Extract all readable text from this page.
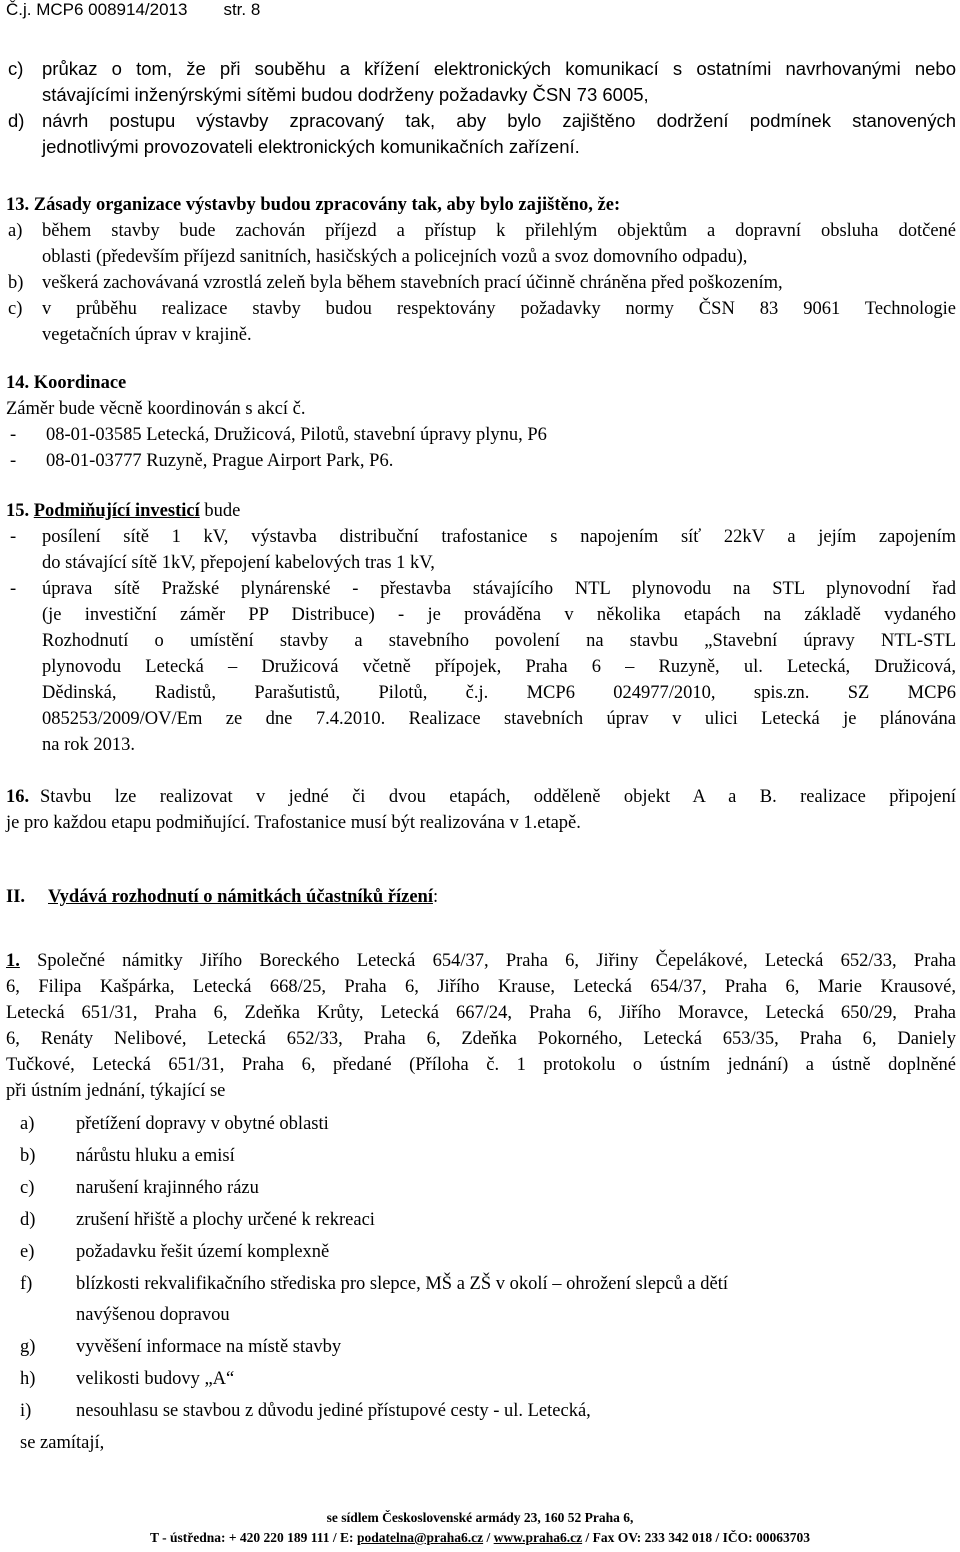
Č.j. MCP6 008914/2013 str. 8
c) průkaz o tom, že při souběhu a křížení elektronických komunikací s ostatními navrhovanými nebo
stávajícími inženýrskými sítěmi budou dodrženy požadavky ČSN 73 6005,
d) návrh postupu výstavby zpracovaný tak, aby bylo zajištěno dodržení podmínek stanovených
jednotlivými provozovateli elektronických komunikačních zařízení.
13. Zásady organizace výstavby budou zpracovány tak, aby bylo zajištěno, že:
a) během stavby bude zachován příjezd a přístup k přilehlým objektům a dopravní obsluha dotčené
oblasti (především příjezd sanitních, hasičských a policejních vozů a svoz domovního odpadu),
b) veškerá zachovávaná vzrostlá zeleň byla během stavebních prací účinně chráněna před poškozením,
c) v průběhu realizace stavby budou respektovány požadavky normy ČSN 83 9061 Technologie
vegetačních úprav v krajině.
14. Koordinace
Záměr bude věcně koordinován s akcí č.
- 08-01-03585 Letecká, Družicová, Pilotů, stavební úpravy plynu, P6
- 08-01-03777 Ruzyně, Prague Airport Park, P6.
15. Podmiňující investicí bude
- posílení sítě 1 kV, výstavba distribuční trafostanice s napojením síť 22kV a jejím zapojením
do stávající sítě 1kV, přepojení kabelových tras 1 kV,
- úprava sítě Pražské plynárenské - přestavba stávajícího NTL plynovodu na STL plynovodní řad
(je investiční záměr PP Distribuce) - je prováděna v několika etapách na základě vydaného
Rozhodnutí o umístění stavby a stavebního povolení na stavbu „Stavební úpravy NTL-STL
plynovodu Letecká – Družicová včetně přípojek, Praha 6 – Ruzyně, ul. Letecká, Družicová,
Dědinská, Radistů, Parašutistů, Pilotů, č.j. MCP6 024977/2010, spis.zn. SZ MCP6
085253/2009/OV/Em ze dne 7.4.2010. Realizace stavebních úprav v ulici Letecká je plánována
na rok 2013.
16. Stavbu lze realizovat v jedné či dvou etapách, odděleně objekt A a B. realizace připojení
je pro každou etapu podmiňující. Trafostanice musí být realizována v 1.etapě.
II. Vydává rozhodnutí o námitkách účastníků řízení:
1. Společné námitky Jiřího Boreckého Letecká 654/37, Praha 6, Jiřiny Čepelákové, Letecká 652/33, Praha
6, Filipa Kašpárka, Letecká 668/25, Praha 6, Jiřího Krause, Letecká 654/37, Praha 6, Marie Krausové,
Letecká 651/31, Praha 6, Zdeňka Krůty, Letecká 667/24, Praha 6, Jiřího Moravce, Letecká 650/29, Praha
6, Renáty Nelibové, Letecká 652/33, Praha 6, Zdeňka Pokorného, Letecká 653/35, Praha 6, Daniely
Tučkové, Letecká 651/31, Praha 6, předané (Příloha č. 1 protokolu o ústním jednání) a ústně doplněné
při ústním jednání, týkající se
a) přetížení dopravy v obytné oblasti
b) nárůstu hluku a emisí
c) narušení krajinného rázu
d) zrušení hřiště a plochy určené k rekreaci
e) požadavku řešit území komplexně
f) blízkosti rekvalifikačního střediska pro slepce, MŠ a ZŠ v okolí – ohrožení slepců a dětí
navýšenou dopravou
g) vyvěšení informace na místě stavby
h) velikosti budovy „A“
i) nesouhlasu se stavbou z důvodu jediné přístupové cesty - ul. Letecká,
se zamítají,
se sídlem Československé armády 23, 160 52 Praha 6,
T - ústředna: + 420 220 189 111 / E: podatelna@praha6.cz / www.praha6.cz / Fax OV: 233 342 018 / IČO: 00063703
